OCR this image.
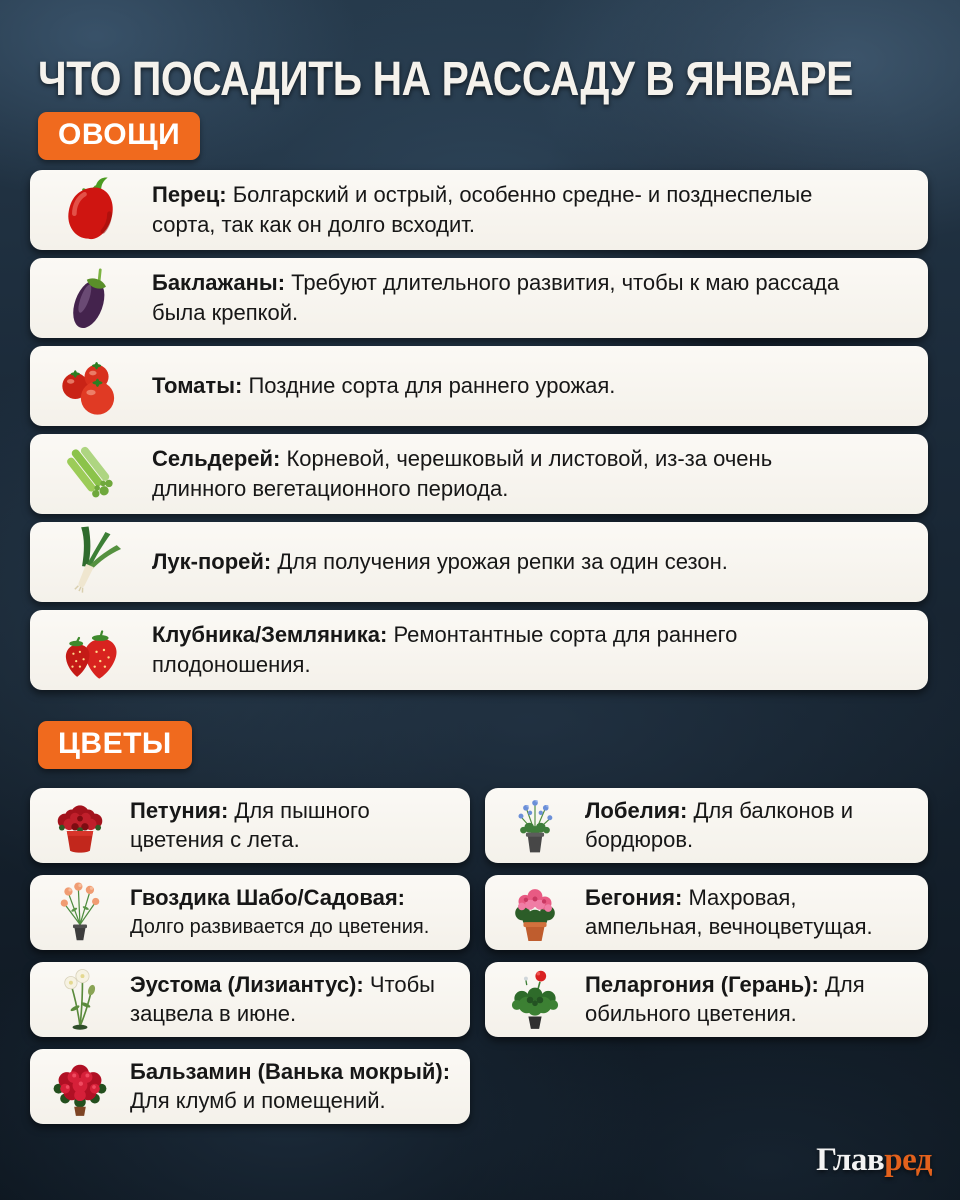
ЧТО ПОСАДИТЬ НА РАССАДУ В ЯНВАРЕ
ОВОЩИ

Перец: Болгарский и острый, особенно средне- и позднеспелые сорта, так как он долго всходит.

Баклажаны: Требуют длительного развития, чтобы к маю рассада была крепкой.

Томаты: Поздние сорта для раннего урожая.

Сельдерей: Корневой, черешковый и листовой, из-за очень длинного вегетационного периода.

Лук-порей: Для получения урожая репки за один сезон.

Клубника/Земляника: Ремонтантные сорта для раннего плодоношения.

ЦВЕТЫ

Петуния: Для пышного цветения с лета.

Лобелия: Для балконов и бордюров.

Гвоздика Шабо/Садовая: Долго развивается до цветения.

Бегония: Махровая, ампельная, вечноцветущая.

Эустома (Лизиантус): Чтобы зацвела в июне.

Пеларгония (Герань): Для обильного цветения.

Бальзамин (Ванька мокрый): Для клумб и помещений.

Главред
